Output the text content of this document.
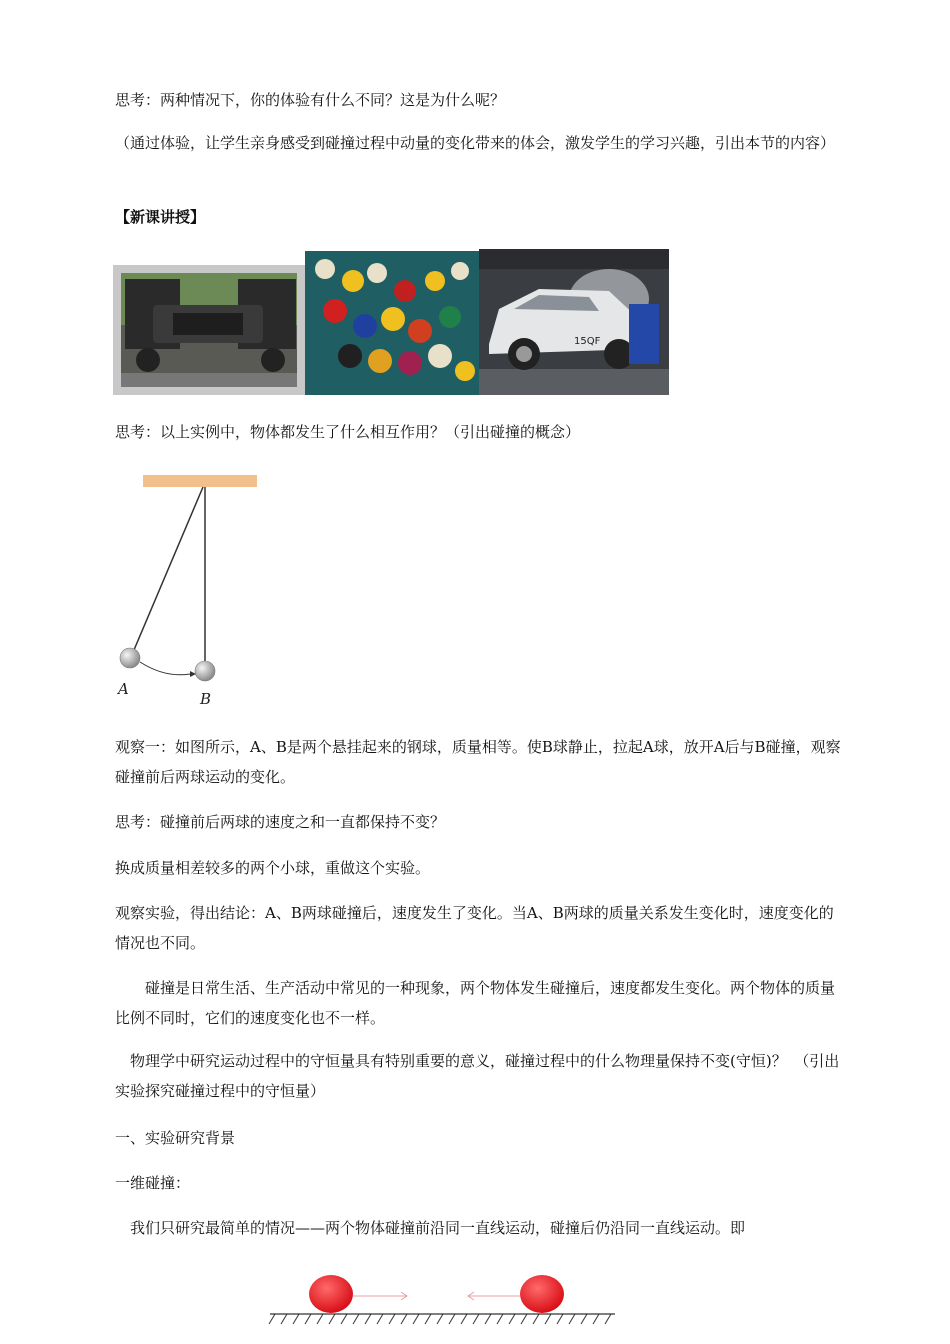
思考：两种情况下，你的体验有什么不同？这是为什么呢？

（通过体验，让学生亲身感受到碰撞过程中动量的变化带来的体会，激发学生的学习兴趣，引出本节的内容）

【新课讲授】

15QF

思考：以上实例中，物体都发生了什么相互作用？（引出碰撞的概念）

A
B

观察一：如图所示，A、B是两个悬挂起来的钢球，质量相等。使B球静止，拉起A球，放开A后与B碰撞，观察碰撞前后两球运动的变化。

思考：碰撞前后两球的速度之和一直都保持不变？

换成质量相差较多的两个小球，重做这个实验。

观察实验，得出结论：A、B两球碰撞后，速度发生了变化。当A、B两球的质量关系发生变化时，速度变化的情况也不同。

　　碰撞是日常生活、生产活动中常见的一种现象，两个物体发生碰撞后，速度都发生变化。两个物体的质量比例不同时，它们的速度变化也不一样。

　物理学中研究运动过程中的守恒量具有特别重要的意义，碰撞过程中的什么物理量保持不变(守恒)？　（引出实验探究碰撞过程中的守恒量）

一、实验研究背景

一维碰撞：

　我们只研究最简单的情况——两个物体碰撞前沿同一直线运动，碰撞后仍沿同一直线运动。即
